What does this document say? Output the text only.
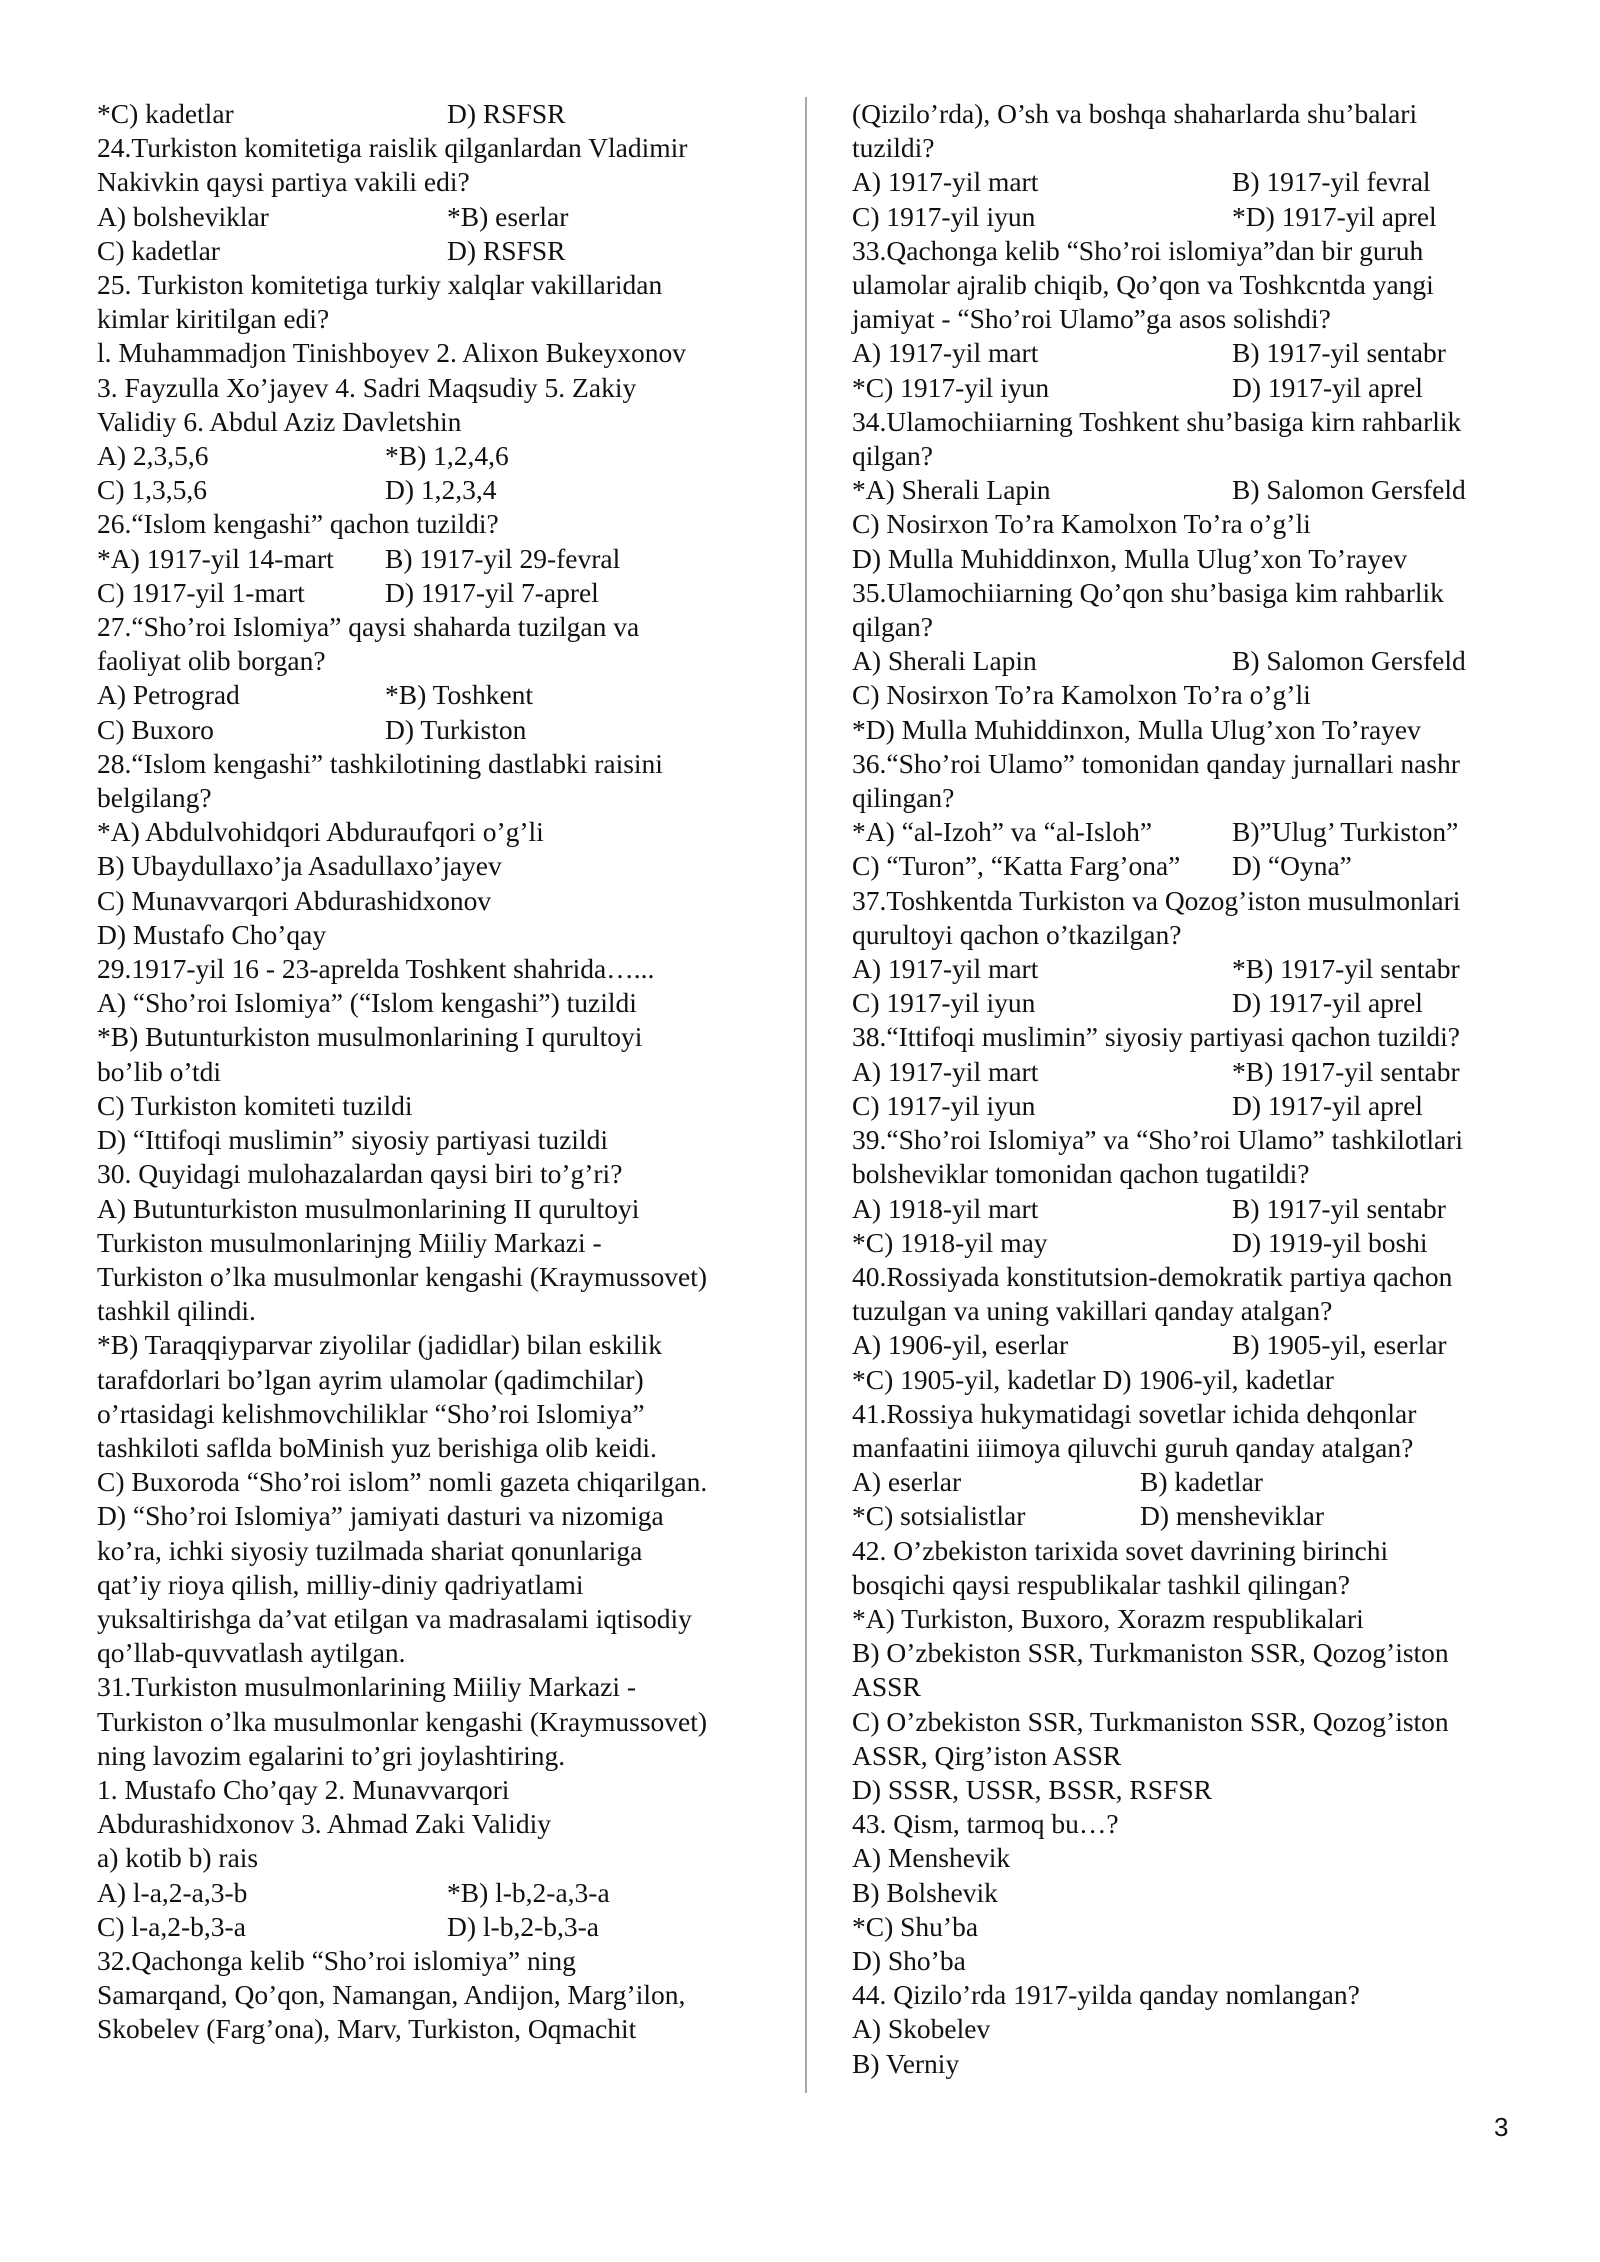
*C) kadetlar	D) RSFSR
24.Turkiston komitetiga raislik qilganlardan Vladimir
Nakivkin qaysi partiya vakili edi?
A) bolsheviklar	*B) eserlar
C) kadetlar	D) RSFSR
25. Turkiston komitetiga turkiy xalqlar vakillaridan
kimlar kiritilgan edi?
l. Muhammadjon Tinishboyev 2. Alixon Bukeyxonov
3. Fayzulla Xo’jayev 4. Sadri Maqsudiy 5. Zakiy
Validiy 6. Abdul Aziz Davletshin
A) 2,3,5,6	*B) 1,2,4,6
C) 1,3,5,6	D) 1,2,3,4
26.“Islom kengashi” qachon tuzildi?
*A) 1917-yil 14-mart B) 1917-yil 29-fevral
C) 1917-yil 1-mart	D) 1917-yil 7-aprel
27.“Sho’roi Islomiya” qaysi shaharda tuzilgan va
faoliyat olib borgan?
A) Petrograd	*B) Toshkent
C) Buxoro	D) Turkiston
28.“Islom kengashi” tashkilotining dastlabki raisini
belgilang?
*A) Abdulvohidqori Abduraufqori o’g’li
B) Ubaydullaxo’ja Asadullaxo’jayev
C) Munavvarqori Abdurashidxonov
D) Mustafo Cho’qay
29.1917-yil 16 - 23-aprelda Toshkent shahrida…...
A) “Sho’roi Islomiya” (“Islom kengashi”) tuzildi
*B) Butunturkiston musulmonlarining I qurultoyi
bo’lib o’tdi
C) Turkiston komiteti tuzildi
D) “Ittifoqi muslimin” siyosiy partiyasi tuzildi
30. Quyidagi mulohazalardan qaysi biri to’g’ri?
A) Butunturkiston musulmonlarining II qurultoyi
Turkiston musulmonlarinjng Miiliy Markazi -
Turkiston o’lka musulmonlar kengashi (Kraymussovet)
tashkil qilindi.
*B) Taraqqiyparvar ziyolilar (jadidlar) bilan eskilik
tarafdorlari bo’lgan ayrim ulamolar (qadimchilar)
o’rtasidagi kelishmovchiliklar “Sho’roi Islomiya”
tashkiloti saflda boMinish yuz berishiga olib keidi.
C) Buxoroda “Sho’roi islom” nomli gazeta chiqarilgan.
D) “Sho’roi Islomiya” jamiyati dasturi va nizomiga
ko’ra, ichki siyosiy tuzilmada shariat qonunlariga
qat’iy rioya qilish, milliy-diniy qadriyatlami
yuksaltirishga da’vat etilgan va madrasalami iqtisodiy
qo’llab-quvvatlash aytilgan.
31.Turkiston musulmonlarining Miiliy Markazi -
Turkiston o’lka musulmonlar kengashi (Kraymussovet)
ning lavozim egalarini to’gri joylashtiring.
1. Mustafo Cho’qay 2. Munavvarqori
Abdurashidxonov 3. Ahmad Zaki Validiy
a) kotib b) rais
A) l-a,2-a,3-b	*B) l-b,2-a,3-a
C) l-a,2-b,3-a	D) l-b,2-b,3-a
32.Qachonga kelib “Sho’roi islomiya” ning
Samarqand, Qo’qon, Namangan, Andijon, Marg’ilon,
Skobelev (Farg’ona), Marv, Turkiston, Oqmachit
(Qizilo’rda), O’sh va boshqa shaharlarda shu’balari
tuzildi?
A) 1917-yil mart	B) 1917-yil fevral
C) 1917-yil iyun	*D) 1917-yil aprel
33.Qachonga kelib “Sho’roi islomiya”dan bir guruh
ulamolar ajralib chiqib, Qo’qon va Toshkcntda yangi
jamiyat - “Sho’roi Ulamo”ga asos solishdi?
A) 1917-yil mart	B) 1917-yil sentabr
*C) 1917-yil iyun	D) 1917-yil aprel
34.Ulamochiiarning Toshkent shu’basiga kirn rahbarlik
qilgan?
*A) Sherali Lapin	B) Salomon Gersfeld
C) Nosirxon To’ra Kamolxon To’ra o’g’li
D) Mulla Muhiddinxon, Mulla Ulug’xon To’rayev
35.Ulamochiiarning Qo’qon shu’basiga kim rahbarlik
qilgan?
A) Sherali Lapin	B) Salomon Gersfeld
C) Nosirxon To’ra Kamolxon To’ra o’g’li
*D) Mulla Muhiddinxon, Mulla Ulug’xon To’rayev
36.“Sho’roi Ulamo” tomonidan qanday jurnallari nashr
qilingan?
*A) “al-Izoh” va “al-Isloh”	B)”Ulug’ Turkiston”
C) “Turon”, “Katta Farg’ona” D) “Oyna”
37.Toshkentda Turkiston va Qozog’iston musulmonlari
qurultoyi qachon o’tkazilgan?
A) 1917-yil mart	*B) 1917-yil sentabr
C) 1917-yil iyun	D) 1917-yil aprel
38.“Ittifoqi muslimin” siyosiy partiyasi qachon tuzildi?
A) 1917-yil mart	*B) 1917-yil sentabr
C) 1917-yil iyun	D) 1917-yil aprel
39.“Sho’roi Islomiya” va “Sho’roi Ulamo” tashkilotlari
bolsheviklar tomonidan qachon tugatildi?
A) 1918-yil mart	B) 1917-yil sentabr
*C) 1918-yil may	D) 1919-yil boshi
40.Rossiyada konstitutsion-demokratik partiya qachon
tuzulgan va uning vakillari qanday atalgan?
A) 1906-yil, eserlar	B) 1905-yil, eserlar
*C) 1905-yil, kadetlar D) 1906-yil, kadetlar
41.Rossiya hukymatidagi sovetlar ichida dehqonlar
manfaatini iiimoya qiluvchi guruh qanday atalgan?
A) eserlar	B) kadetlar
*C) sotsialistlar	D) mensheviklar
42. O’zbekiston tarixida sovet davrining birinchi
bosqichi qaysi respublikalar tashkil qilingan?
*A) Turkiston, Buxoro, Xorazm respublikalari
B) O’zbekiston SSR, Turkmaniston SSR, Qozog’iston
ASSR
C) O’zbekiston SSR, Turkmaniston SSR, Qozog’iston
ASSR, Qirg’iston ASSR
D) SSSR, USSR, BSSR, RSFSR
43. Qism, tarmoq bu…?
A) Menshevik
B) Bolshevik
*C) Shu’ba
D) Sho’ba
44. Qizilo’rda 1917-yilda qanday nomlangan?
A) Skobelev
B) Verniy
3
